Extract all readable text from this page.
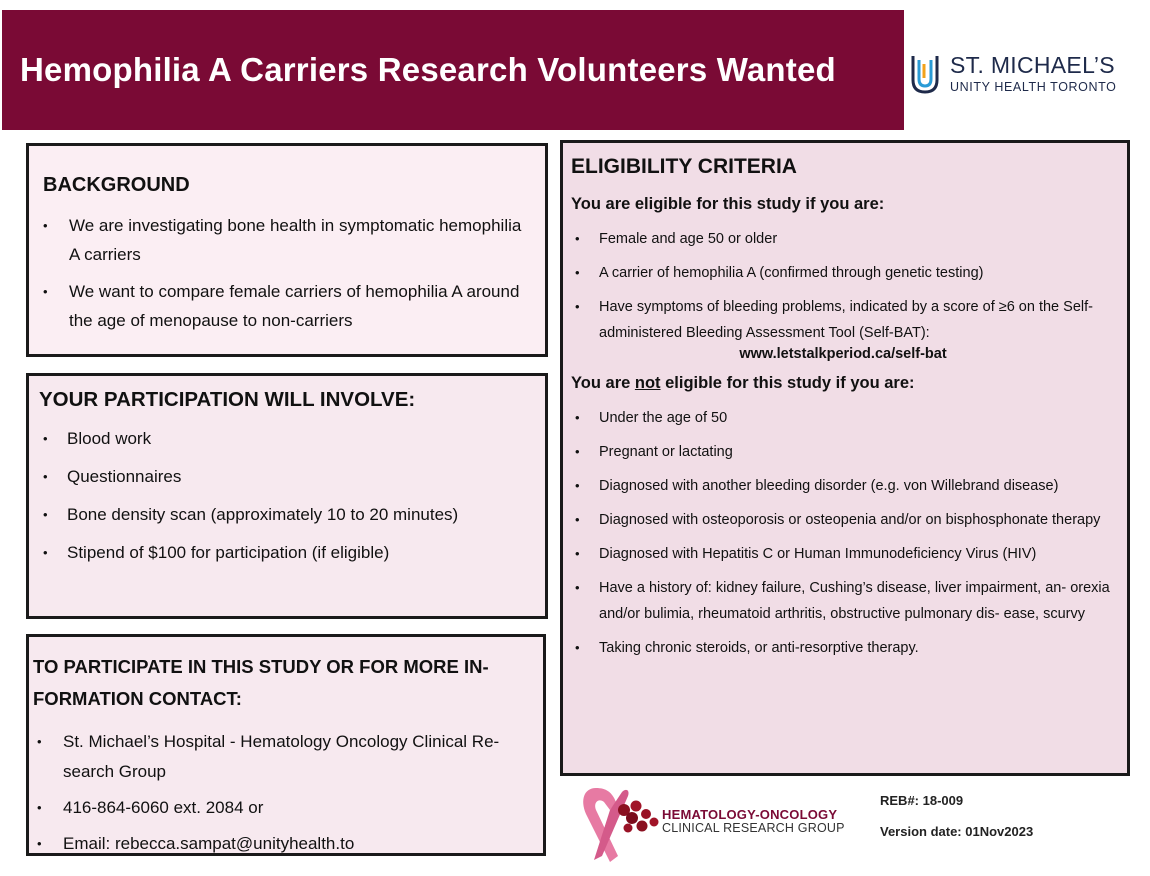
Hemophilia A Carriers Research Volunteers Wanted	ST. MICHAEL’S
UNITY HEALTH TORONTO
BACKGROUND
• We are investigating bone health in symptomatic hemophilia A carriers
• We want to compare female carriers of hemophilia A around the age of menopause to non-carriers
YOUR PARTICIPATION WILL INVOLVE:
• Blood work
• Questionnaires
• Bone density scan (approximately 10 to 20 minutes)
• Stipend of $100 for participation (if eligible)
TO PARTICIPATE IN THIS STUDY OR FOR MORE IN- FORMATION CONTACT:
• St. Michael’s Hospital - Hematology Oncology Clinical Re- search Group
• 416-864-6060 ext. 2084 or
• Email: rebecca.sampat@unityhealth.to
ELIGIBILITY CRITERIA
You are eligible for this study if you are:
• Female and age 50 or older
• A carrier of hemophilia A (confirmed through genetic testing)
• Have symptoms of bleeding problems, indicated by a score of ≥6 on the Self-administered Bleeding Assessment Tool (Self-BAT):
www.letstalkperiod.ca/self-bat
You are not eligible for this study if you are:
• Under the age of 50
• Pregnant or lactating
• Diagnosed with another bleeding disorder (e.g. von Willebrand disease)
• Diagnosed with osteoporosis or osteopenia and/or on bisphosphonate therapy
• Diagnosed with Hepatitis C or Human Immunodeficiency Virus (HIV)
• Have a history of: kidney failure, Cushing’s disease, liver impairment, an- orexia and/or bulimia, rheumatoid arthritis, obstructive pulmonary dis- ease, scurvy
• Taking chronic steroids, or anti-resorptive therapy.
HEMATOLOGY-ONCOLOGY
CLINICAL RESEARCH GROUP
REB#: 18-009
Version date: 01Nov2023
